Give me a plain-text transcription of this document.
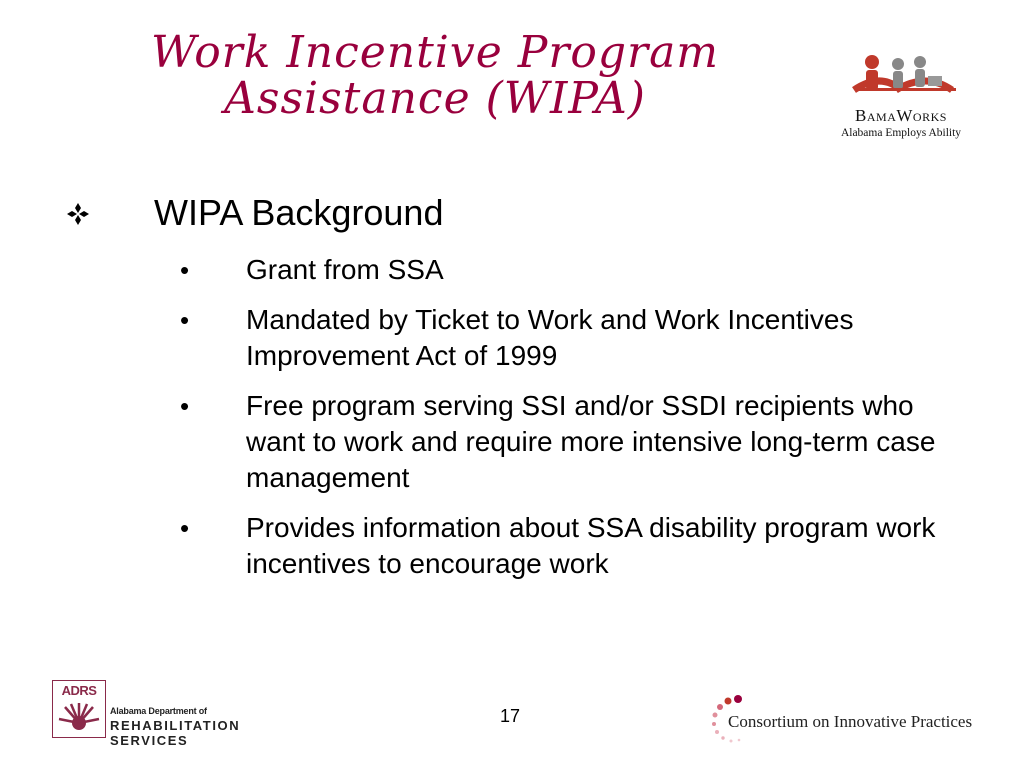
Work Incentive Program
Assistance (WIPA)	BamaWorks
Alabama Employs Ability
WIPA Background
• Grant from SSA
• Mandated by Ticket to Work and Work Incentives Improvement Act of 1999
• Free program serving SSI and/or SSDI recipients who want to work and require more intensive long-term case management
• Provides information about SSA disability program work incentives to encourage work
ADRS
Alabama Department of
REHABILITATION SERVICES
17	Consortium on Innovative Practices
